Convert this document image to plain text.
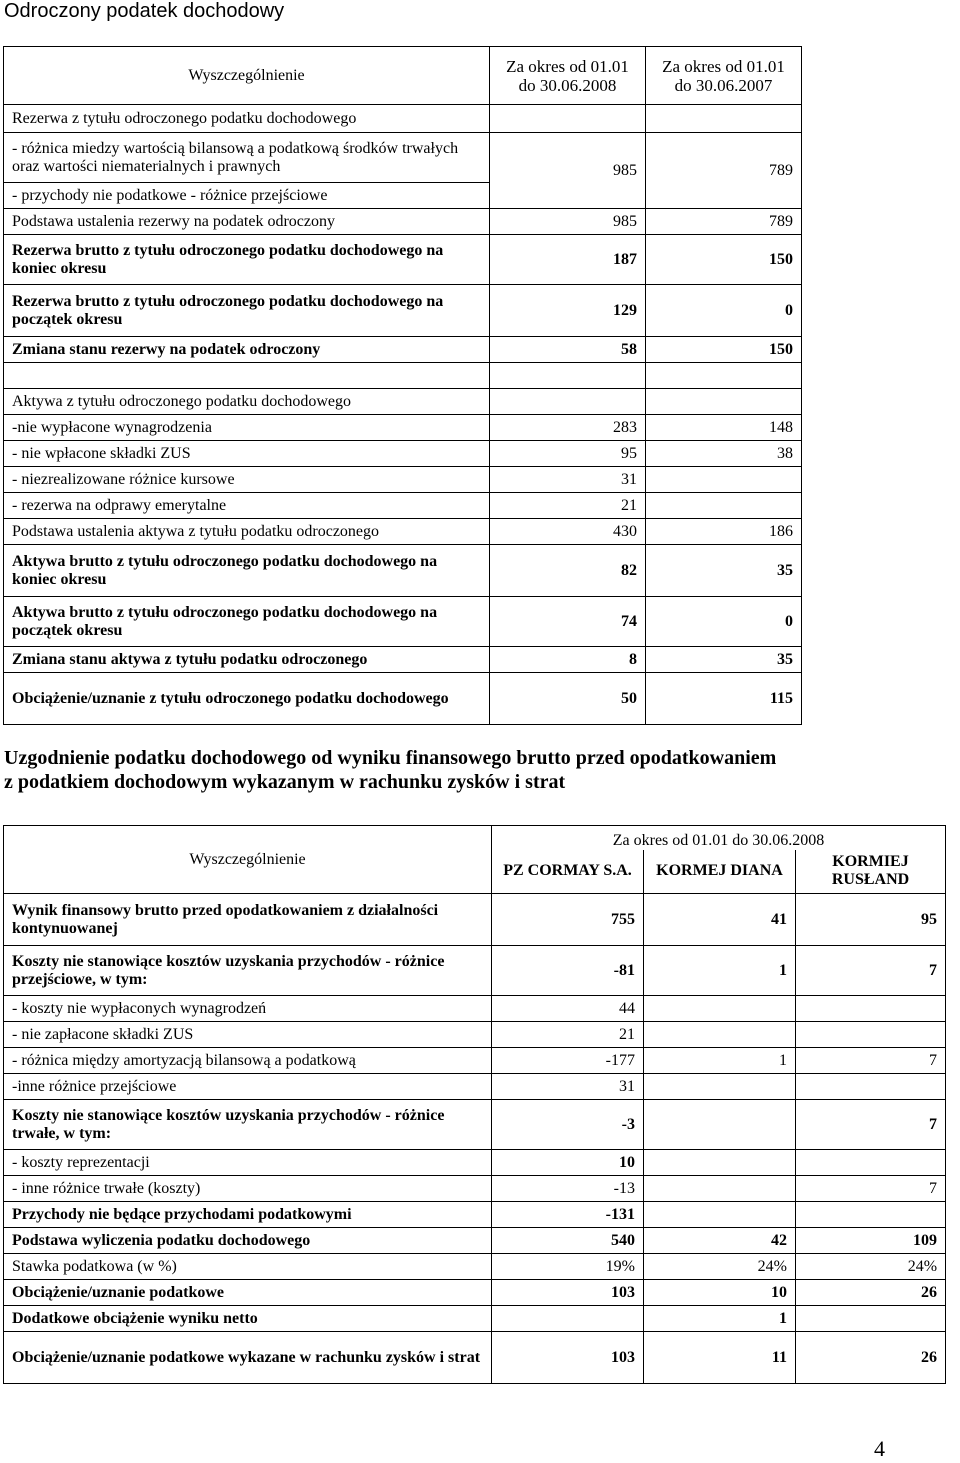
Odroczony podatek dochodowy
Wyszczególnienie	Za okres od 01.01 do 30.06.2008	Za okres od 01.01 do 30.06.2007
Rezerwa z tytułu odroczonego podatku dochodowego		
- różnica miedzy wartością bilansową a podatkową środków trwałych oraz wartości niematerialnych i prawnych	985	789
- przychody nie podatkowe - różnice przejściowe		
Podstawa ustalenia rezerwy na podatek odroczony	985	789
Rezerwa brutto z tytułu odroczonego podatku dochodowego na koniec okresu	187	150
Rezerwa brutto z tytułu odroczonego podatku dochodowego na początek okresu	129	0
Zmiana stanu rezerwy na podatek odroczony	58	150

Aktywa z tytułu odroczonego podatku dochodowego		
-nie wypłacone wynagrodzenia	283	148
- nie wpłacone składki ZUS	95	38
- niezrealizowane różnice kursowe	31	
- rezerwa na odprawy emerytalne	21	
Podstawa ustalenia aktywa z tytułu podatku odroczonego	430	186
Aktywa brutto z tytułu odroczonego podatku dochodowego na koniec okresu	82	35
Aktywa brutto z tytułu odroczonego podatku dochodowego na początek okresu	74	0
Zmiana stanu aktywa z tytułu podatku odroczonego	8	35
Obciążenie/uznanie z tytułu odroczonego podatku dochodowego	50	115
Uzgodnienie podatku dochodowego od wyniku finansowego brutto przed opodatkowaniem
z podatkiem dochodowym wykazanym w rachunku zysków i strat
Wyszczególnienie	Za okres od 01.01 do 30.06.2008		
	PZ CORMAY S.A.	KORMEJ DIANA	KORMIEJ RUSŁAND
Wynik finansowy brutto przed opodatkowaniem z działalności kontynuowanej	755	41	95
Koszty nie stanowiące kosztów uzyskania przychodów - różnice przejściowe, w tym:	-81	1	7
- koszty nie wypłaconych wynagrodzeń	44		
- nie zapłacone składki ZUS	21		
- różnica między amortyzacją bilansową a podatkową	-177	1	7
-inne różnice przejściowe	31		
Koszty nie stanowiące kosztów uzyskania przychodów - różnice trwałe, w tym:	-3		7
- koszty reprezentacji	10		
- inne różnice trwałe (koszty)	-13		7
Przychody nie będące przychodami podatkowymi	-131		
Podstawa wyliczenia podatku dochodowego	540	42	109
Stawka podatkowa (w %)	19%	24%	24%
Obciążenie/uznanie podatkowe	103	10	26
Dodatkowe obciążenie wyniku netto		1	
Obciążenie/uznanie podatkowe wykazane w rachunku zysków i strat	103	11	26
4
